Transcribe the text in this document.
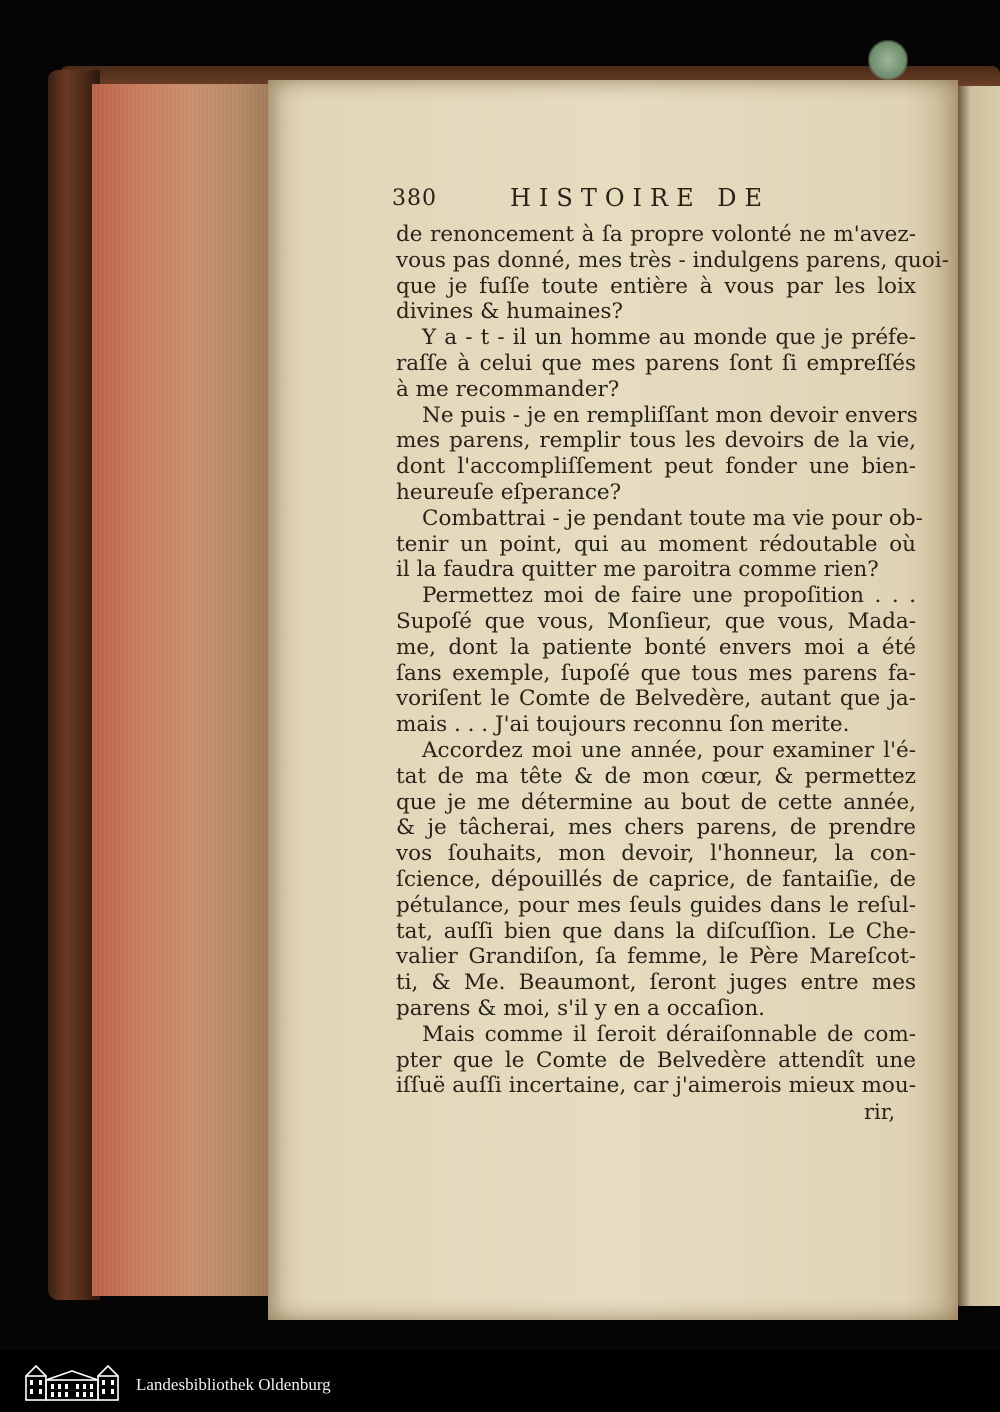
380	HISTOIRE DE
de renoncement à ſa propre volonté ne m'avez-
vous pas donné, mes très - indulgens parens, quoi-
que je fuſſe toute entière à vous par les loix
divines & humaines?
Y a - t - il un homme au monde que je préfe-
raſſe à celui que mes parens ſont ſi empreſſés
à me recommander?
Ne puis - je en rempliſſant mon devoir envers
mes parens, remplir tous les devoirs de la vie,
dont l'accompliſſement peut fonder une bien-
heureuſe eſperance?
Combattrai - je pendant toute ma vie pour ob-
tenir un point, qui au moment rédoutable où
il la faudra quitter me paroitra comme rien?
Permettez moi de faire une propoſition . . .
Supoſé que vous, Monſieur, que vous, Mada-
me, dont la patiente bonté envers moi a été
ſans exemple, ſupoſé que tous mes parens fa-
voriſent le Comte de Belvedère, autant que ja-
mais . . . J'ai toujours reconnu ſon merite.
Accordez moi une année, pour examiner l'é-
tat de ma tête & de mon cœur, & permettez
que je me détermine au bout de cette année,
& je tâcherai, mes chers parens, de prendre
vos ſouhaits, mon devoir, l'honneur, la con-
ſcience, dépouillés de caprice, de fantaiſie, de
pétulance, pour mes ſeuls guides dans le reſul-
tat, auſſi bien que dans la diſcuſſion. Le Che-
valier Grandiſon, ſa femme, le Père Mareſcot-
ti, & Me. Beaumont, ſeront juges entre mes
parens & moi, s'il y en a occaſion.
Mais comme il ſeroit déraiſonnable de com-
pter que le Comte de Belvedère attendît une
iſſuë auſſi incertaine, car j'aimerois mieux mou-
rir,
Landesbibliothek Oldenburg
